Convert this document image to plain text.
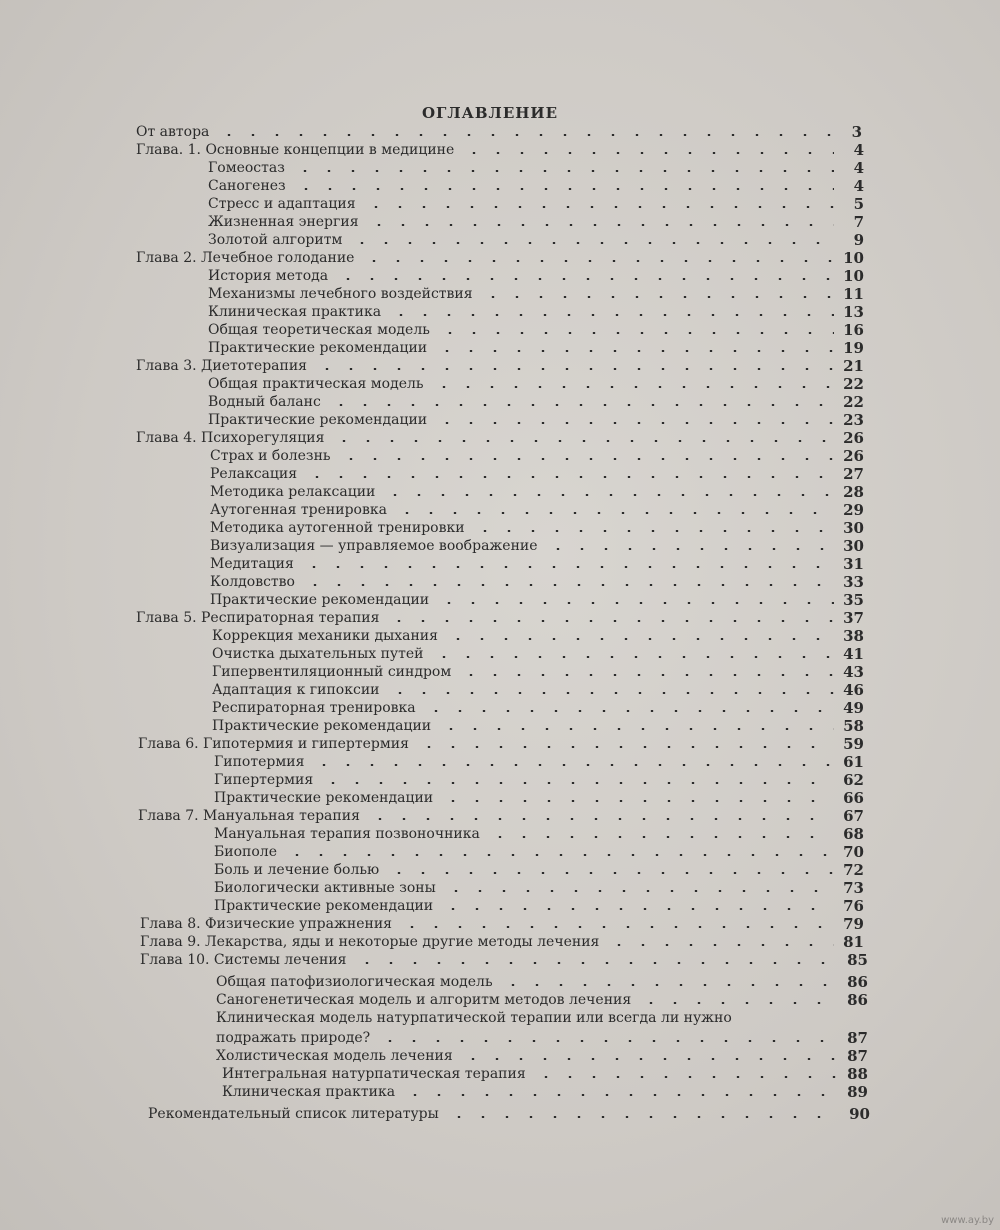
ОГЛАВЛЕНИЕ
От автора	3
Глава. 1. Основные концепции в медицине	4
Гомеостаз	4
Саногенез	4
Стресс и адаптация	5
Жизненная энергия	7
Золотой алгоритм	9
Глава 2. Лечебное голодание	10
История метода	10
Механизмы лечебного воздействия	11
Клиническая практика	13
Общая теоретическая модель	16
Практические рекомендации	19
Глава 3. Диетотерапия	21
Общая практическая модель	22
Водный баланс	22
Практические рекомендации	23
Глава 4. Психорегуляция	26
Страх и болезнь	26
Релаксация	27
Методика релаксации	28
Аутогенная тренировка	29
Методика аутогенной тренировки	30
Визуализация — управляемое воображение	30
Медитация	31
Колдовство	33
Практические рекомендации	35
Глава 5. Респираторная терапия	37
Коррекция механики дыхания	38
Очистка дыхательных путей	41
Гипервентиляционный синдром	43
Адаптация к гипоксии	46
Респираторная тренировка	49
Практические рекомендации	58
Глава 6. Гипотермия и гипертермия	59
Гипотермия	61
Гипертермия	62
Практические рекомендации	66
Глава 7. Мануальная терапия	67
Мануальная терапия позвоночника	68
Биополе	70
Боль и лечение болью	72
Биологически активные зоны	73
Практические рекомендации	76
Глава 8. Физические упражнения	79
Глава 9. Лекарства, яды и некоторые другие методы лечения	81
Глава 10. Системы лечения	85
Общая патофизиологическая модель	86
Саногенетическая модель и алгоритм методов лечения	86
Клиническая модель натурпатической терапии или всегда ли нужно
подражать природе?	87
Холистическая модель лечения	87
Интегральная натурпатическая терапия	88
Клиническая практика	89
Рекомендательный список литературы	90
www.ay.by
